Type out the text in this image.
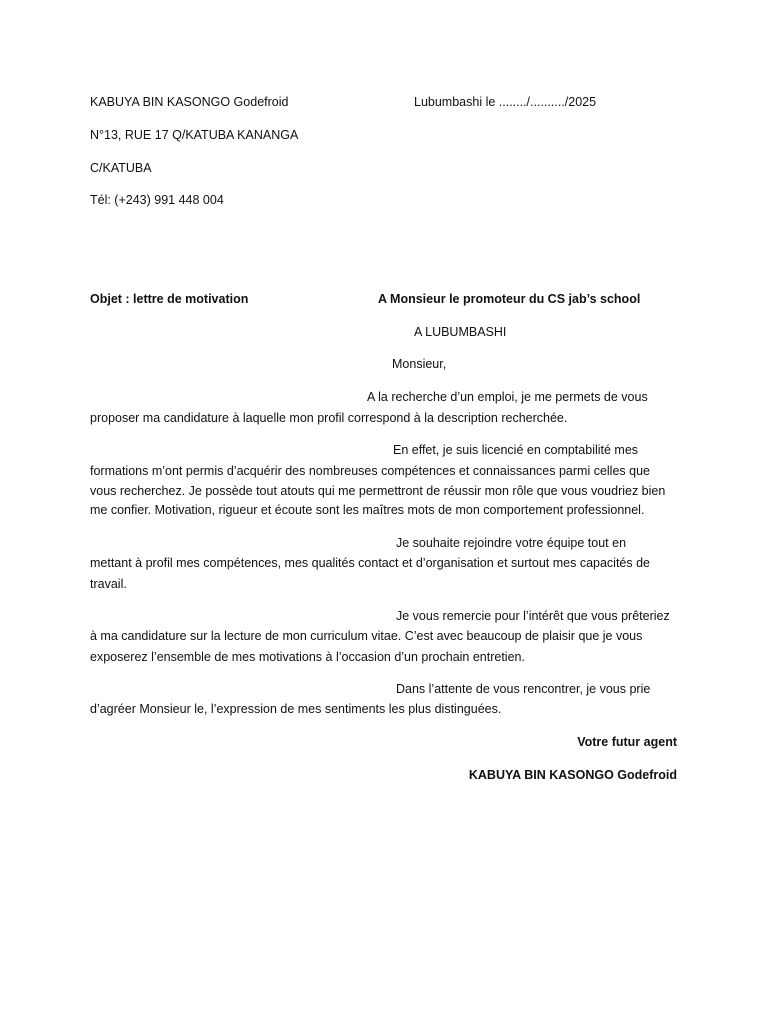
KABUYA BIN KASONGO Godefroid	Lubumbashi le ......../........../2025
N°13, RUE 17 Q/KATUBA KANANGA
C/KATUBA
Tél: (+243) 991 448 004
Objet : lettre de motivation	A Monsieur le promoteur du CS jab’s school
A LUBUMBASHI
Monsieur,
A la recherche d’un emploi, je me permets de vous
proposer ma candidature à laquelle mon profil correspond à la description recherchée.
En effet, je suis licencié en comptabilité mes
formations m’ont permis d’acquérir des nombreuses compétences et connaissances parmi celles que
vous recherchez. Je possède tout atouts qui me permettront de réussir mon rôle que vous voudriez bien
me confier. Motivation, rigueur et écoute sont les maîtres mots de mon comportement professionnel.
Je souhaite rejoindre votre équipe tout en
mettant à profil mes compétences, mes qualités contact et d’organisation et surtout mes capacités de
travail.
Je vous remercie pour l’intérêt que vous prêteriez
à ma candidature sur la lecture de mon curriculum vitae. C’est avec beaucoup de plaisir que je vous
exposerez l’ensemble de mes motivations à l’occasion d’un prochain entretien.
Dans l’attente de vous rencontrer, je vous prie
d’agréer Monsieur le, l’expression de mes sentiments les plus distinguées.
Votre futur agent
KABUYA BIN KASONGO Godefroid
